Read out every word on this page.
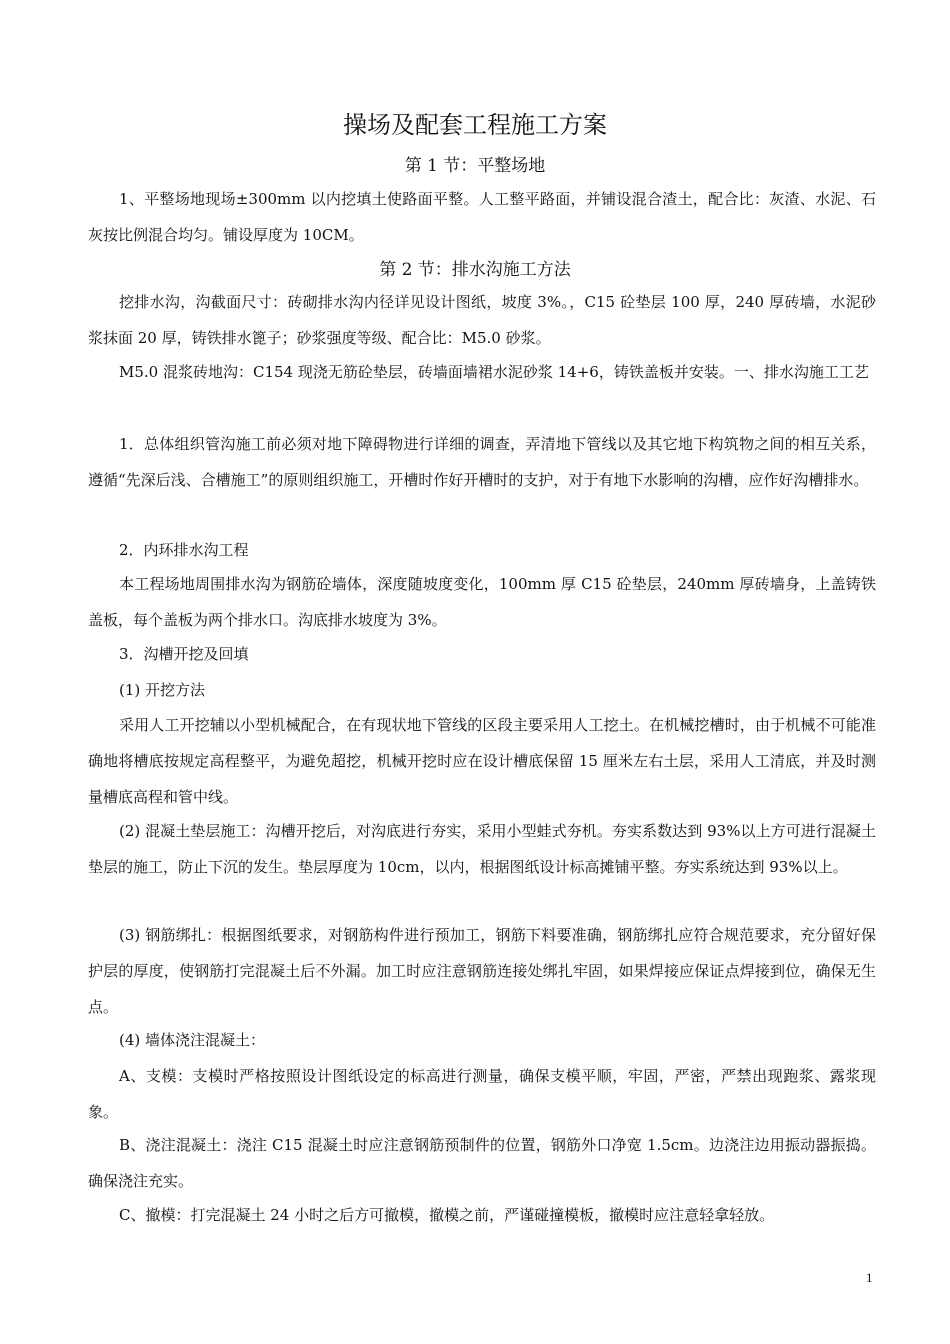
操场及配套工程施工方案
第 1 节：平整场地
1、平整场地现场±300mm 以内挖填土使路面平整。人工整平路面，并铺设混合渣土，配合比：灰渣、水泥、石灰按比例混合均匀。铺设厚度为 10CM。
第 2 节：排水沟施工方法
挖排水沟，沟截面尺寸：砖砌排水沟内径详见设计图纸，坡度 3%。，C15 砼垫层 100 厚，240 厚砖墙，水泥砂浆抹面 20 厚，铸铁排水篦子；砂浆强度等级、配合比：M5.0 砂浆。
M5.0 混浆砖地沟：C154 现浇无筋砼垫层，砖墙面墙裙水泥砂浆 14+6，铸铁盖板并安装。一、排水沟施工工艺
1．总体组织管沟施工前必须对地下障碍物进行详细的调查，弄清地下管线以及其它地下构筑物之间的相互关系，遵循“先深后浅、合槽施工”的原则组织施工，开槽时作好开槽时的支护，对于有地下水影响的沟槽，应作好沟槽排水。
2．内环排水沟工程
本工程场地周围排水沟为钢筋砼墙体，深度随坡度变化，100mm 厚 C15 砼垫层，240mm 厚砖墙身，上盖铸铁盖板，每个盖板为两个排水口。沟底排水坡度为 3%。
3．沟槽开挖及回填
(1) 开挖方法
采用人工开挖辅以小型机械配合，在有现状地下管线的区段主要采用人工挖土。在机械挖槽时，由于机械不可能准确地将槽底按规定高程整平，为避免超挖，机械开挖时应在设计槽底保留 15 厘米左右土层，采用人工清底，并及时测量槽底高程和管中线。
(2) 混凝土垫层施工：沟槽开挖后，对沟底进行夯实，采用小型蛙式夯机。夯实系数达到 93%以上方可进行混凝土垫层的施工，防止下沉的发生。垫层厚度为 10cm，以内，根据图纸设计标高摊铺平整。夯实系统达到 93%以上。
(3) 钢筋绑扎：根据图纸要求，对钢筋构件进行预加工，钢筋下料要准确，钢筋绑扎应符合规范要求，充分留好保护层的厚度，使钢筋打完混凝土后不外漏。加工时应注意钢筋连接处绑扎牢固，如果焊接应保证点焊接到位，确保无生点。
(4) 墙体浇注混凝土：
A、支模：支模时严格按照设计图纸设定的标高进行测量，确保支模平顺，牢固，严密，严禁出现跑浆、露浆现象。
B、浇注混凝土：浇注 C15 混凝土时应注意钢筋预制件的位置，钢筋外口净宽 1.5cm。边浇注边用振动器振捣。确保浇注充实。
C、撤模：打完混凝土 24 小时之后方可撤模，撤模之前，严谨碰撞模板，撤模时应注意轻拿轻放。
1
